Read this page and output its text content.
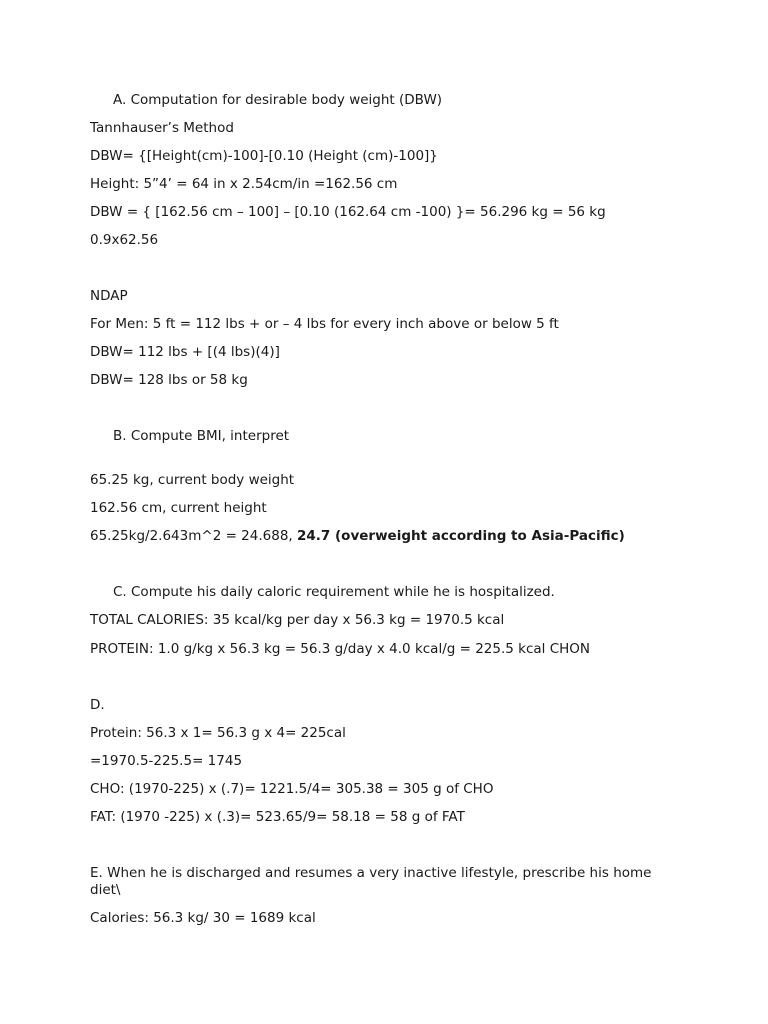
A. Computation for desirable body weight (DBW)
Tannhauser’s Method
DBW= {[Height(cm)-100]-[0.10 (Height (cm)-100]}
Height: 5”4’ = 64 in x 2.54cm/in =162.56 cm
DBW = { [162.56 cm – 100] – [0.10 (162.64 cm -100) }= 56.296 kg = 56 kg
0.9x62.56
NDAP
For Men: 5 ft = 112 lbs + or – 4 lbs for every inch above or below 5 ft
DBW= 112 lbs + [(4 lbs)(4)]
DBW= 128 lbs or 58 kg
B. Compute BMI, interpret
65.25 kg, current body weight
162.56 cm, current height
65.25kg/2.643m^2 = 24.688, 24.7 (overweight according to Asia-Pacific)
C. Compute his daily caloric requirement while he is hospitalized.
TOTAL CALORIES: 35 kcal/kg per day x 56.3 kg = 1970.5 kcal
PROTEIN: 1.0 g/kg x 56.3 kg = 56.3 g/day x 4.0 kcal/g = 225.5 kcal CHON
D.
Protein: 56.3 x 1= 56.3 g x 4= 225cal
=1970.5-225.5= 1745
CHO: (1970-225) x (.7)= 1221.5/4= 305.38 = 305 g of CHO
FAT: (1970 -225) x (.3)= 523.65/9= 58.18 = 58 g of FAT
E. When he is discharged and resumes a very inactive lifestyle, prescribe his home diet\
Calories: 56.3 kg/ 30 = 1689 kcal
